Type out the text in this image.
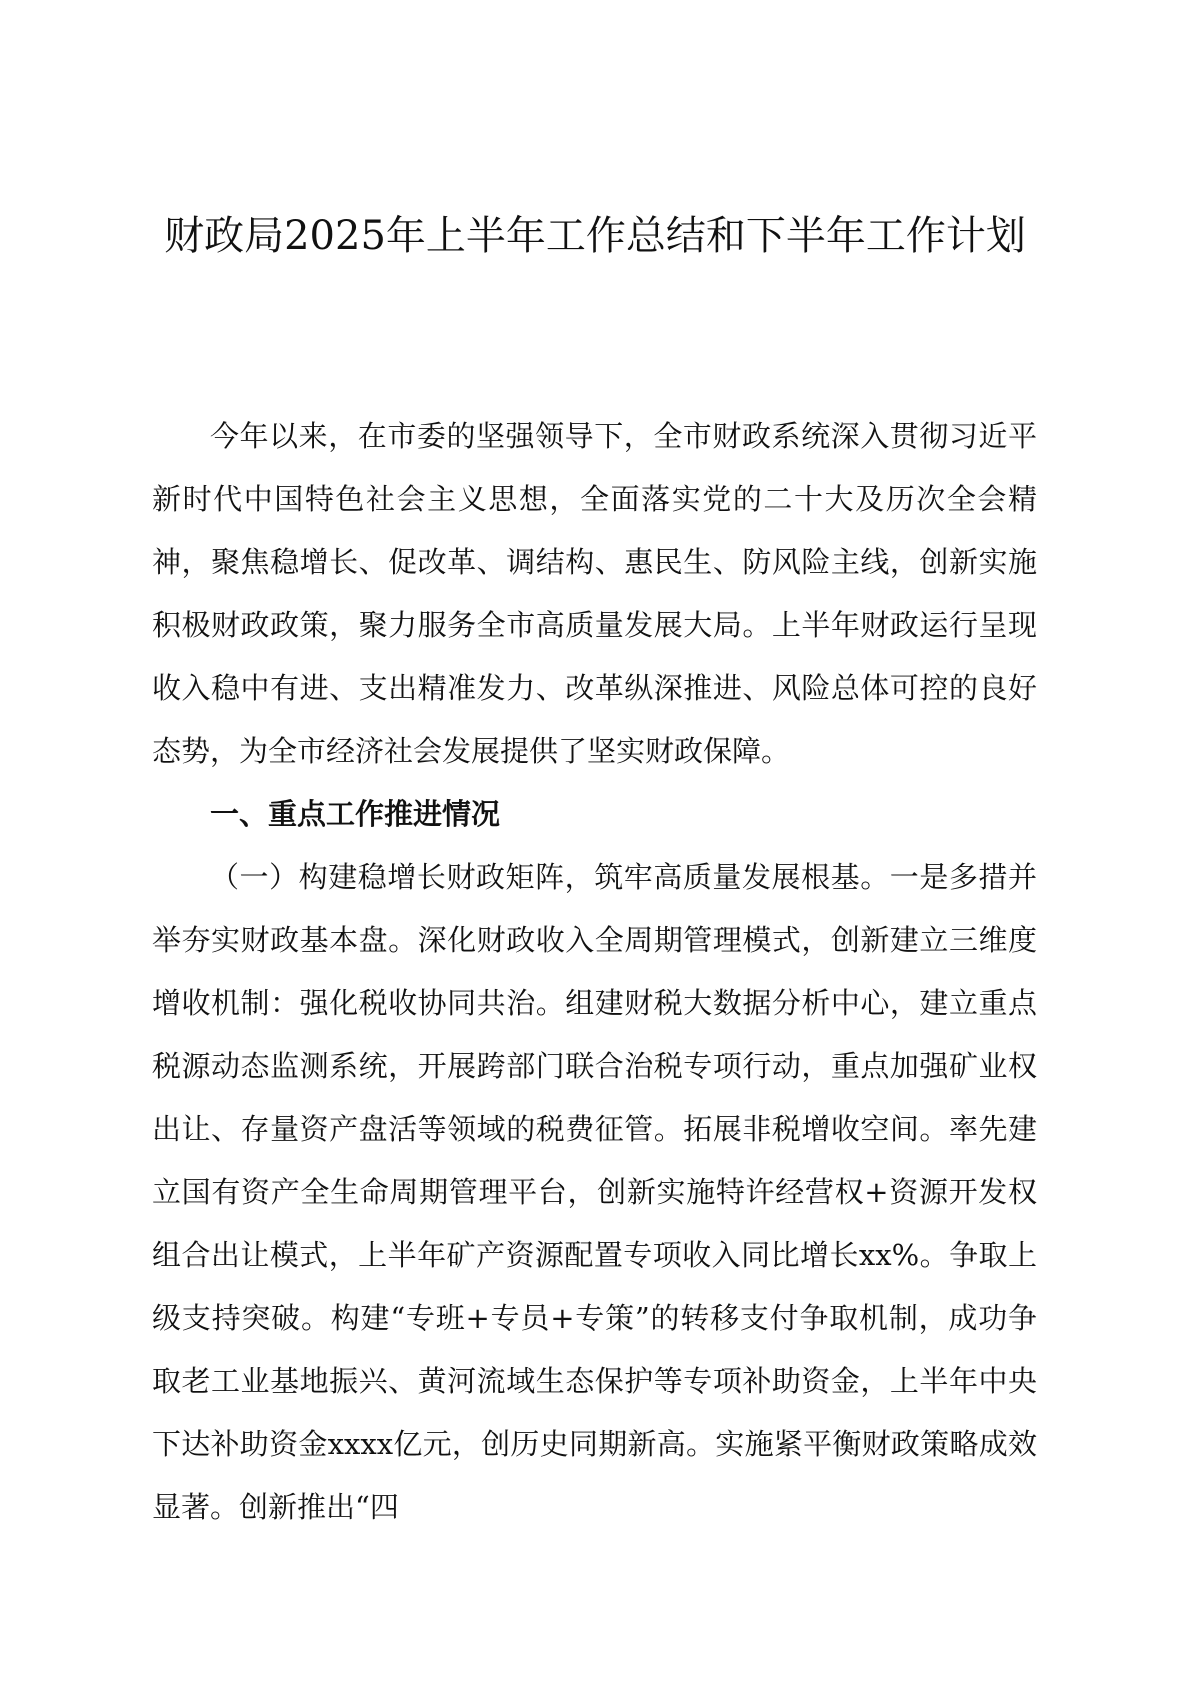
财政局2025年上半年工作总结和下半年工作计划

今年以来，在市委的坚强领导下，全市财政系统深入贯彻习近平新时代中国特色社会主义思想，全面落实党的二十大及历次全会精神，聚焦稳增长、促改革、调结构、惠民生、防风险主线，创新实施积极财政政策，聚力服务全市高质量发展大局。上半年财政运行呈现收入稳中有进、支出精准发力、改革纵深推进、风险总体可控的良好态势，为全市经济社会发展提供了坚实财政保障。

一、重点工作推进情况

（一）构建稳增长财政矩阵，筑牢高质量发展根基。一是多措并举夯实财政基本盘。深化财政收入全周期管理模式，创新建立三维度增收机制：强化税收协同共治。组建财税大数据分析中心，建立重点税源动态监测系统，开展跨部门联合治税专项行动，重点加强矿业权出让、存量资产盘活等领域的税费征管。拓展非税增收空间。率先建立国有资产全生命周期管理平台，创新实施特许经营权+资源开发权组合出让模式，上半年矿产资源配置专项收入同比增长xx%。争取上级支持突破。构建“专班+专员+专策”的转移支付争取机制，成功争取老工业基地振兴、黄河流域生态保护等专项补助资金，上半年中央下达补助资金xxxx亿元，创历史同期新高。实施紧平衡财政策略成效显著。创新推出“四
